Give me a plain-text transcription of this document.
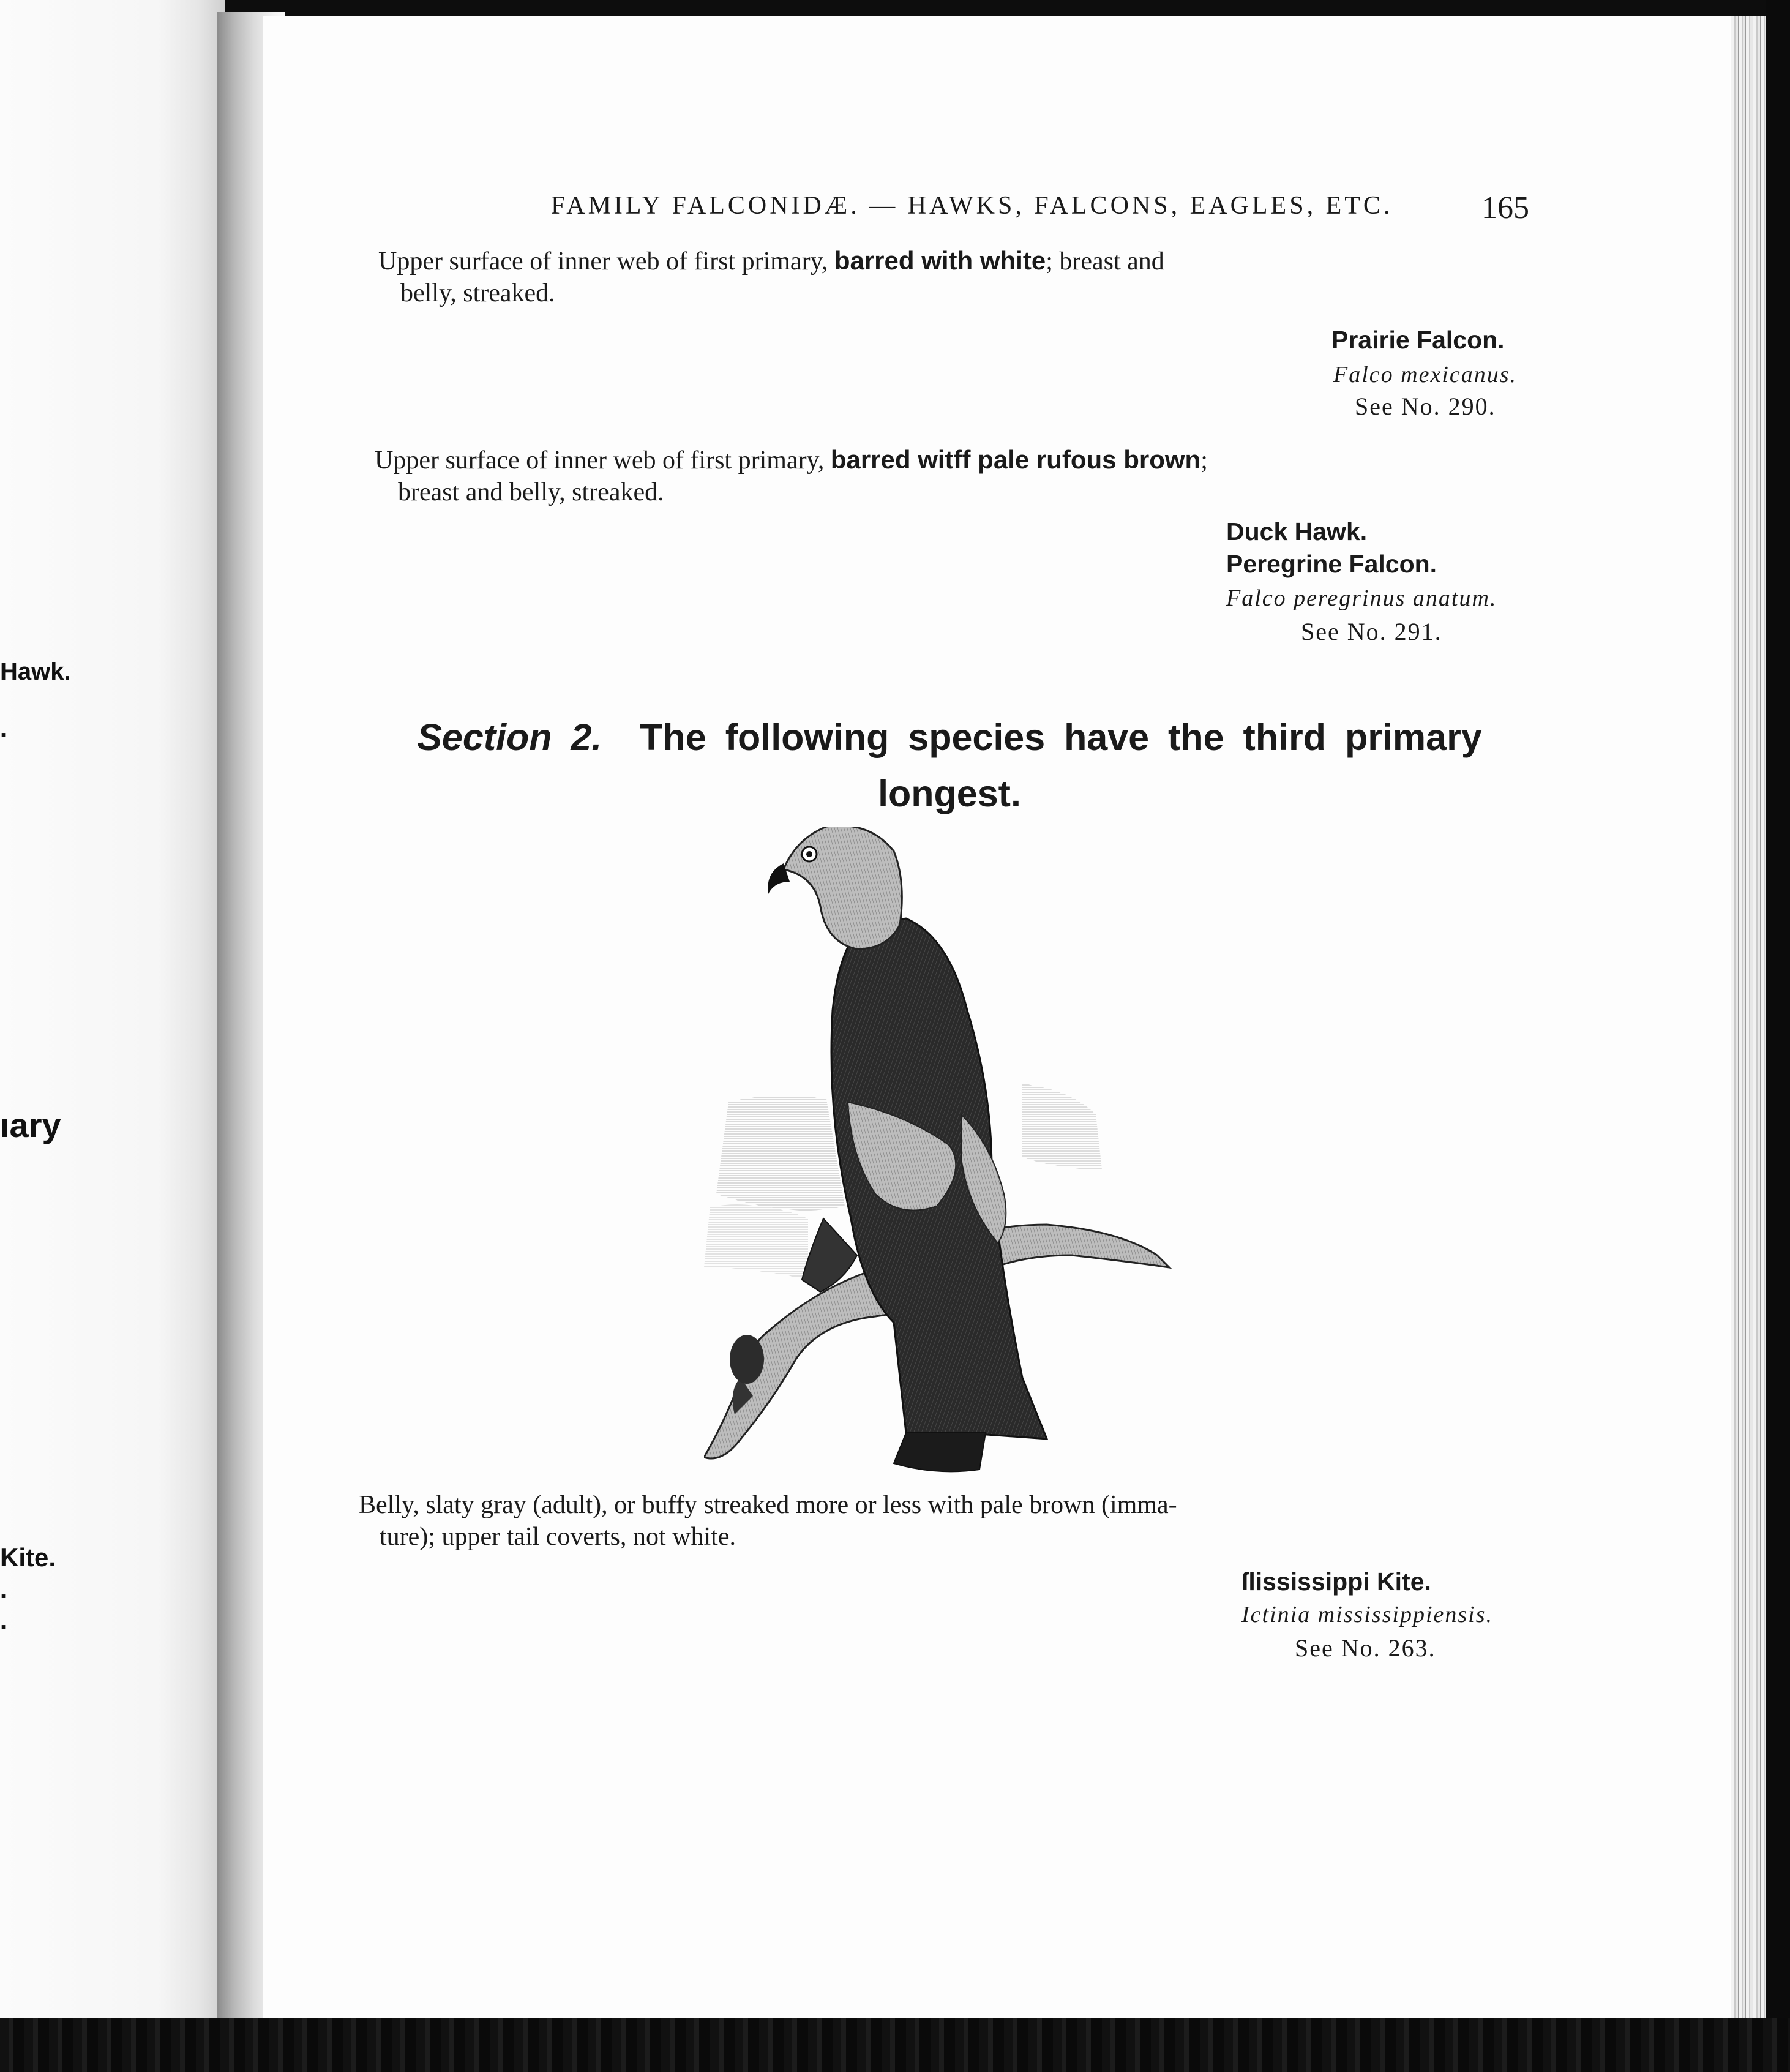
Hawk.
.
ıary
Kite.
.
.
FAMILY FALCONIDÆ. — HAWKS, FALCONS, EAGLES, ETC.	165
Upper surface of inner web of first primary, barred with white; breast and
belly, streaked.
Prairie Falcon.
Falco mexicanus.
See No. 290.
Upper surface of inner web of first primary, barred witff pale rufous brown;
breast and belly, streaked.
Duck Hawk.
Peregrine Falcon.
Falco peregrinus anatum.
See No. 291.
Section 2. The following species have the third primary
longest.
Belly, slaty gray (adult), or buffy streaked more or less with pale brown (imma-
ture); upper tail coverts, not white.
ſlississippi Kite.
Ictinia mississippiensis.
See No. 263.
